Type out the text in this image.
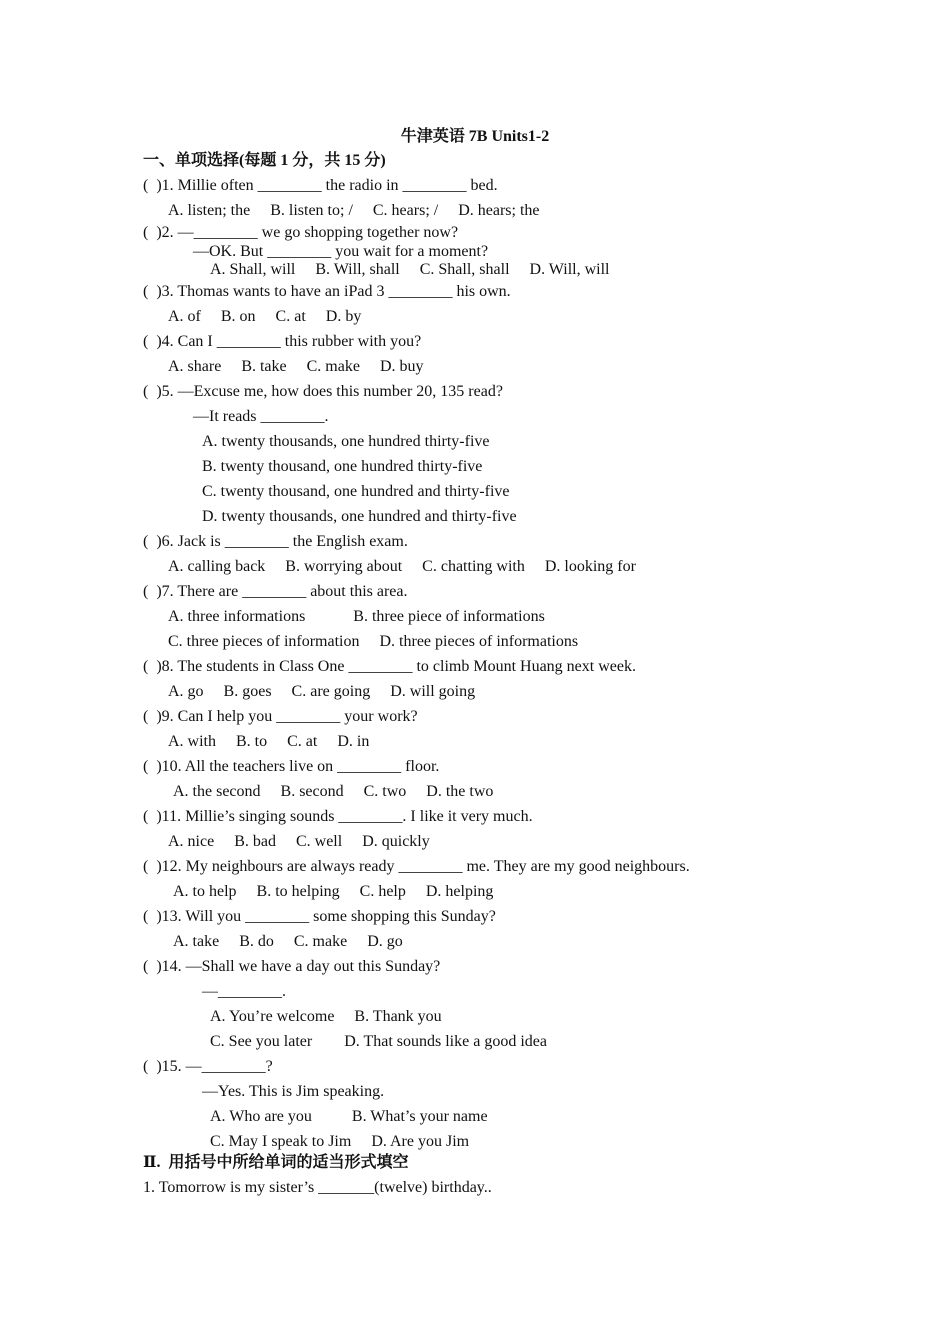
牛津英语 7B Units1-2
一、单项选择(每题 1 分，共 15 分)
(  )1. Millie often ________ the radio in ________ bed.
A. listen; the     B. listen to; /     C. hears; /     D. hears; the
(  )2. —________ we go shopping together now?
—OK. But ________ you wait for a moment?
A. Shall, will     B. Will, shall     C. Shall, shall     D. Will, will
(  )3. Thomas wants to have an iPad 3 ________ his own.
A. of     B. on     C. at     D. by
(  )4. Can I ________ this rubber with you?
A. share     B. take     C. make     D. buy
(  )5. —Excuse me, how does this number 20, 135 read?
—It reads ________.
A. twenty thousands, one hundred thirty-five
B. twenty thousand, one hundred thirty-five
C. twenty thousand, one hundred and thirty-five
D. twenty thousands, one hundred and thirty-five
(  )6. Jack is ________ the English exam.
A. calling back     B. worrying about     C. chatting with     D. looking for
(  )7. There are ________ about this area.
A. three informations            B. three piece of informations
C. three pieces of information     D. three pieces of informations
(  )8. The students in Class One ________ to climb Mount Huang next week.
A. go     B. goes     C. are going     D. will going
(  )9. Can I help you ________ your work?
A. with     B. to     C. at     D. in
(  )10. All the teachers live on ________ floor.
A. the second     B. second     C. two     D. the two
(  )11. Millie’s singing sounds ________. I like it very much.
A. nice     B. bad     C. well     D. quickly
(  )12. My neighbours are always ready ________ me. They are my good neighbours.
A. to help     B. to helping     C. help     D. helping
(  )13. Will you ________ some shopping this Sunday?
A. take     B. do     C. make     D. go
(  )14. —Shall we have a day out this Sunday?
—________.
A. You’re welcome     B. Thank you
C. See you later        D. That sounds like a good idea
(  )15. —________?
—Yes. This is Jim speaking.
A. Who are you          B. What’s your name
C. May I speak to Jim     D. Are you Jim
Ⅱ.  用括号中所给单词的适当形式填空
1. Tomorrow is my sister’s _______(twelve) birthday..
